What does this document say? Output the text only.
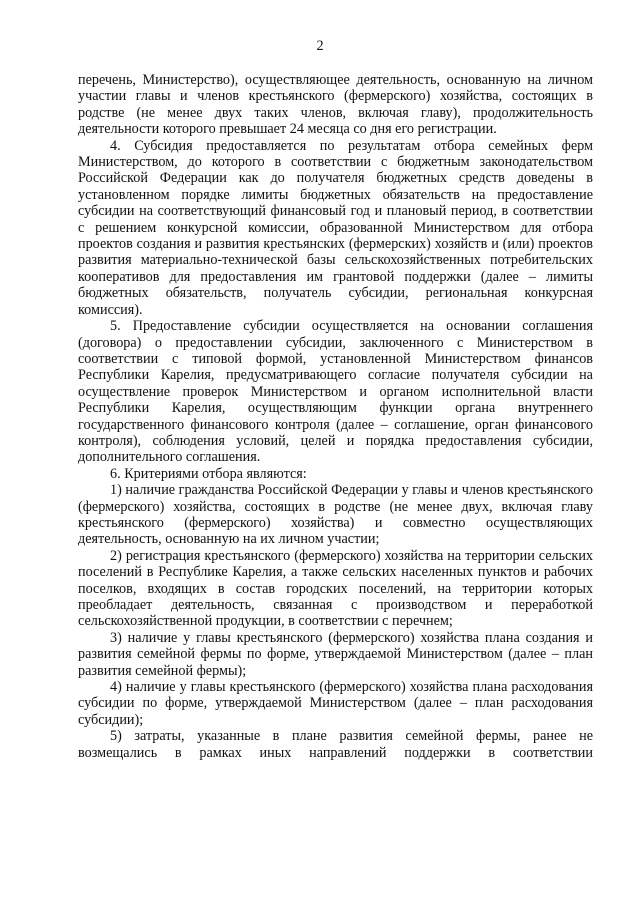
2

перечень, Министерство), осуществляющее деятельность, основанную на личном участии главы и членов крестьянского (фермерского) хозяйства, состоящих в родстве (не менее двух таких членов, включая главу), продолжительность деятельности которого превышает 24 месяца со дня его регистрации.

4. Субсидия предоставляется по результатам отбора семейных ферм Министерством, до которого в соответствии с бюджетным законодательством Российской Федерации как до получателя бюджетных средств доведены в установленном порядке лимиты бюджетных обязательств на предоставление субсидии на соответствующий финансовый год и плановый период, в соответствии с решением конкурсной комиссии, образованной Министерством для отбора проектов создания и развития крестьянских (фермерских) хозяйств и (или) проектов развития материально-технической базы сельскохозяйственных потребительских кооперативов для предоставления им грантовой поддержки (далее – лимиты бюджетных обязательств, получатель субсидии, региональная конкурсная комиссия).

5. Предоставление субсидии осуществляется на основании соглашения (договора) о предоставлении субсидии, заключенного с Министерством в соответствии с типовой формой, установленной Министерством финансов Республики Карелия, предусматривающего согласие получателя субсидии на осуществление проверок Министерством и органом исполнительной власти Республики Карелия, осуществляющим функции органа внутреннего государственного финансового контроля (далее – соглашение, орган финансового контроля), соблюдения условий, целей и порядка предоставления субсидии, дополнительного соглашения.

6. Критериями отбора являются:

1) наличие гражданства Российской Федерации у главы и членов крестьянского (фермерского) хозяйства, состоящих в родстве (не менее двух, включая главу крестьянского (фермерского) хозяйства) и совместно осуществляющих деятельность, основанную на их личном участии;

2) регистрация крестьянского (фермерского) хозяйства на территории сельских поселений в Республике Карелия, а также сельских населенных пунктов и рабочих поселков, входящих в состав городских поселений, на территории которых преобладает деятельность, связанная с производством и переработкой сельскохозяйственной продукции, в соответствии с перечнем;

3) наличие у главы крестьянского (фермерского) хозяйства плана создания и развития семейной фермы по форме, утверждаемой Министерством (далее – план развития семейной фермы);

4) наличие у главы крестьянского (фермерского) хозяйства плана расходования субсидии по форме, утверждаемой Министерством (далее – план расходования субсидии);

5) затраты, указанные в плане развития семейной фермы, ранее не возмещались в рамках иных направлений поддержки в соответствии
